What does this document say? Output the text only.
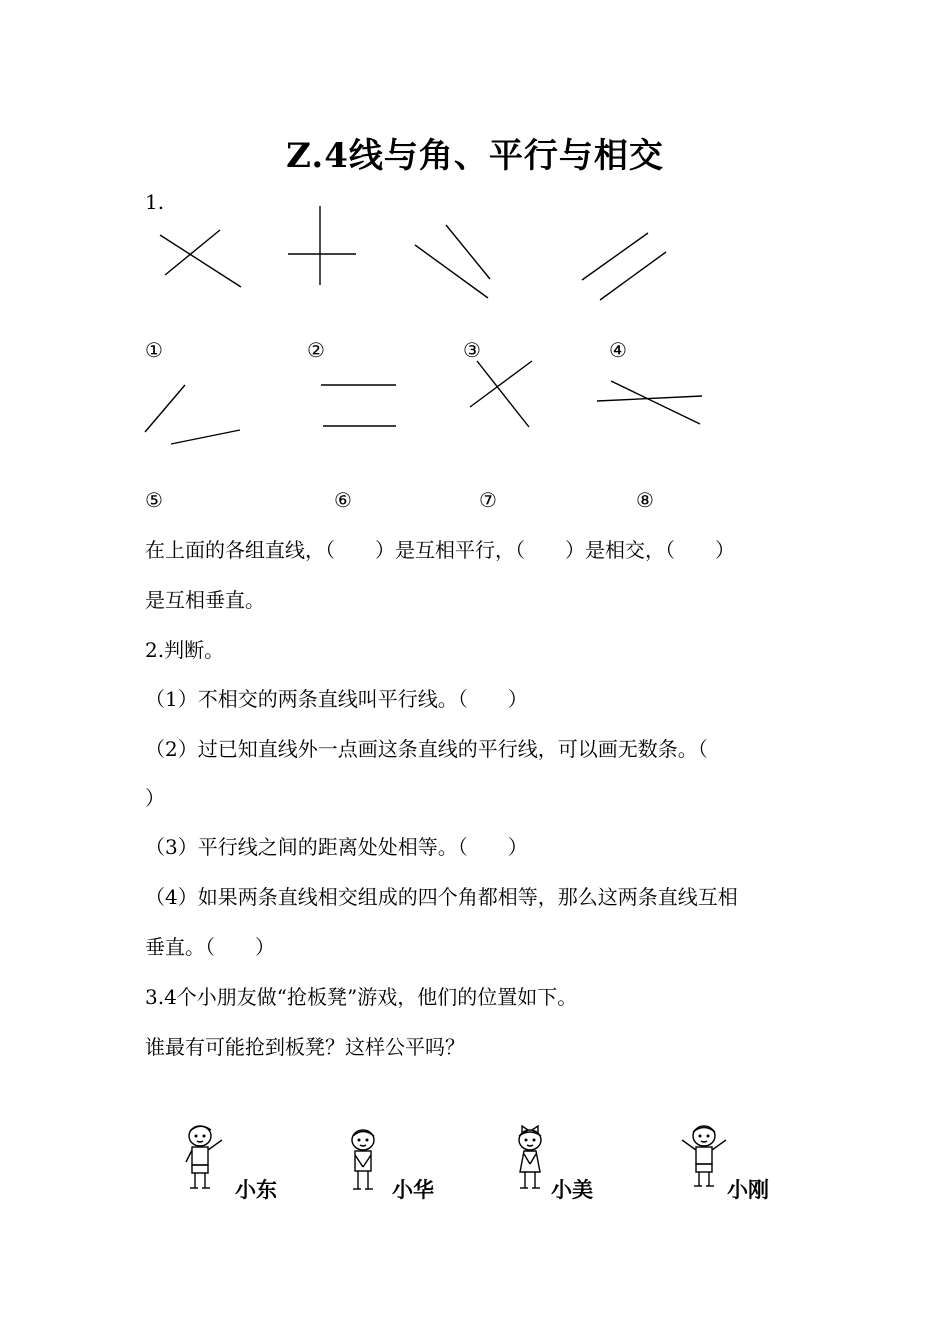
Z.4线与角、平行与相交
1.
①	②	③	④
⑤	⑥	⑦	⑧
在上面的各组直线，（　　）是互相平行，（　　）是相交，（　　）
是互相垂直。
2.判断。
（1）不相交的两条直线叫平行线。（　　）
（2）过已知直线外一点画这条直线的平行线，可以画无数条。（
）
（3）平行线之间的距离处处相等。（　　）
（4）如果两条直线相交组成的四个角都相等，那么这两条直线互相
垂直。（　　）
3.4个小朋友做“抢板凳”游戏，他们的位置如下。
谁最有可能抢到板凳？这样公平吗？
小东	小华	小美	小刚
